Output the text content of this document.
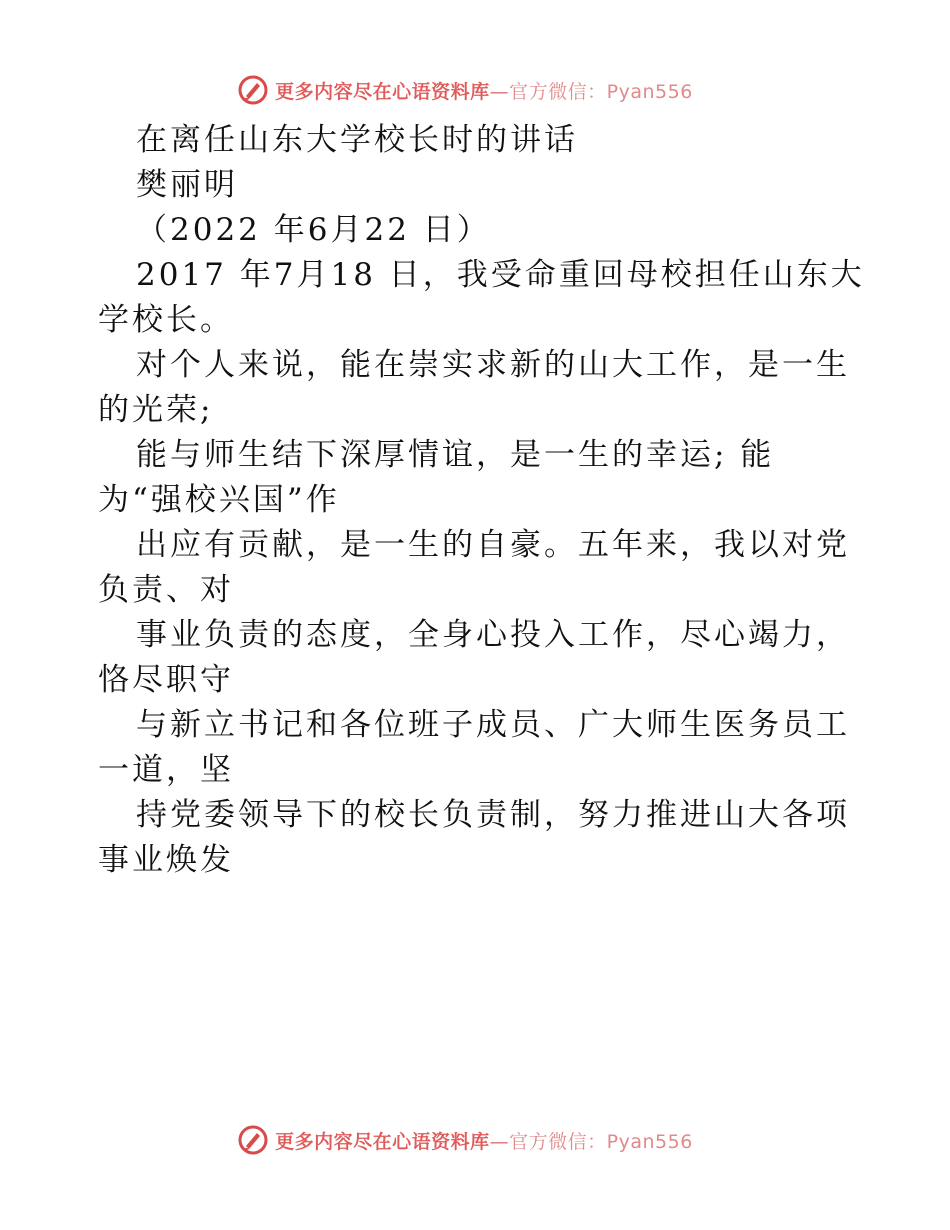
更多内容尽在心语资料库—官方微信：Pyan556
在离任山东大学校长时的讲话
樊丽明
（2022 年6月22 日）
2017 年7月18 日，我受命重回母校担任山东大
学校长。
对个人来说，能在崇实求新的山大工作，是一生
的光荣;
能与师生结下深厚情谊，是一生的幸运; 能
为“强校兴国”作
出应有贡献，是一生的自豪。五年来，我以对党
负责、对
事业负责的态度，全身心投入工作，尽心竭力，
恪尽职守
与新立书记和各位班子成员、广大师生医务员工
一道，坚
持党委领导下的校长负责制，努力推进山大各项
事业焕发
更多内容尽在心语资料库—官方微信：Pyan556
